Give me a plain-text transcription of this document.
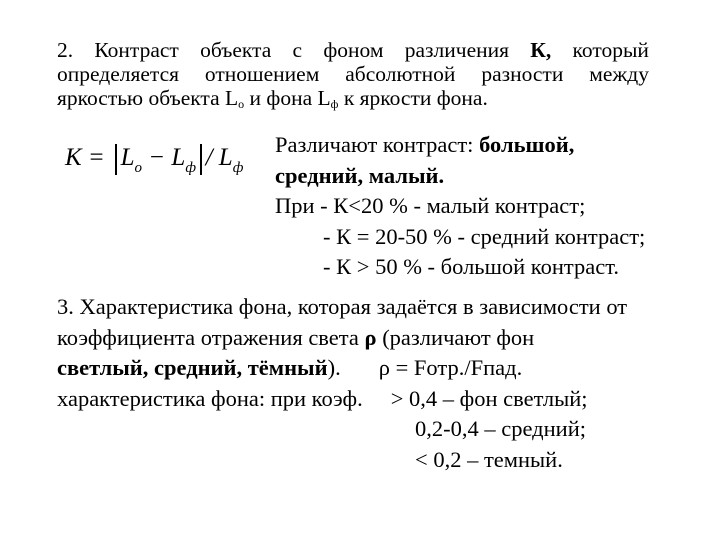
2. Контраст объекта с фоном различения К, который
определяется отношением абсолютной разности между
яркостью объекта $L_o$ и фона $L_ф$ к яркости фона.
$K = L_o - L_ф / L_ф$
Различают контраст: большой,
средний, малый.
При - К<20 % - малый контраст;
- К = 20-50 % - средний контраст;
- К > 50 % - большой контраст.
3. Характеристика фона, которая задаётся в зависимости от
коэффициента отражения света ρ (различают фон
светлый, средний, тёмный). ρ = Fотр./Fпад.
характеристика фона: при коэф. > 0,4 – фон светлый;
0,2-0,4 – средний;
< 0,2 – темный.
